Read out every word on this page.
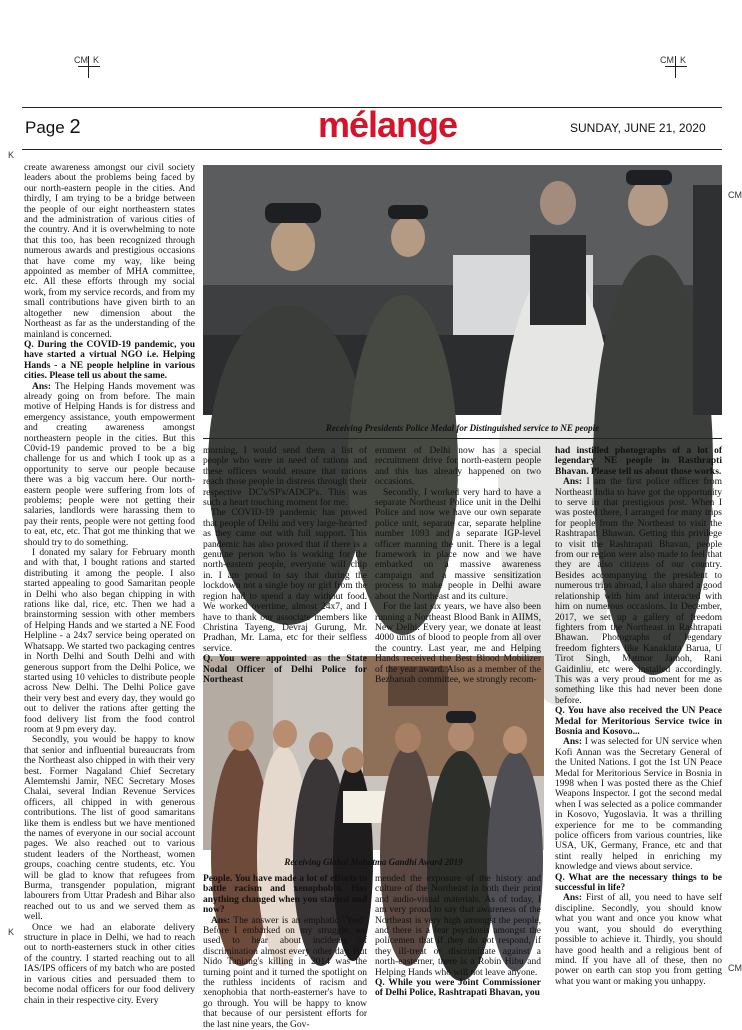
CM K	CM K
K
K
CM
CM
Page 2	mélange	SUNDAY, JUNE 21, 2020
Receiving Presidents Police Medal for Distinguished service to NE people
Receiving Global Mahatma Gandhi Award 2019

create awareness amongst our civil society leaders about the problems being faced by our north-eastern people in the cities. And thirdly, I am trying to be a bridge between the people of our eight northeastern states and the administration of various cities of the country. And it is overwhelming to note that this too, has been recognized through numerous awards and prestigious occasions that have come my way, like being appointed as member of MHA committee, etc. All these efforts through my social work, from my service records, and from my small contributions have given birth to an altogether new dimension about the Northeast as far as the understanding of the mainland is concerned.

Q. During the COVID-19 pandemic, you have started a virtual NGO i.e. Helping Hands - a NE people helpline in various cities. Please tell us about the same.

Ans: The Helping Hands movement was already going on from before. The main motive of Helping Hands is for distress and emergency assistance, youth empowerment and creating awareness amongst northeastern people in the cities. But this C0vid-19 pandemic proved to be a big challenge for us and which I took up as a opportunity to serve our people because there was a big vaccum here. Our north-eastern people were suffering from lots of problems; people were not getting their salaries, landlords were harassing them to pay their rents, people were not getting food to eat, etc, etc. That got me thinking that we should try to do something.

I donated my salary for February month and with that, I bought rations and started distributing it among the people. I also started appealing to good Samaritan people in Delhi who also began chipping in with rations like dal, rice, etc. Then we had a brainstorming session with other members of Helping Hands and we started a NE Food Helpline - a 24x7 service being operated on Whatsapp. We started two packaging centres in North Delhi and South Delhi and with generous support from the Delhi Police, we started using 10 vehicles to distribute people across New Delhi. The Delhi Police gave their very best and every day, they would go out to deliver the rations after getting the food delivery list from the food control room at 9 pm every day.

Secondly, you would be happy to know that senior and influential bureaucrats from the Northeast also chipped in with their very best. Former Nagaland Chief Secretary Alemtemshi Jamir, NEC Secretary Moses Chalai, several Indian Revenue Services officers, all chipped in with generous contributions. The list of good samaritans like them is endless but we have mentioned the names of everyone in our social account pages. We also reached out to various student leaders of the Northeast, women groups, coaching centre students, etc. You will be glad to know that refugees from Burma, transgender population, migrant labourers from Uttar Pradesh and Bihar also reached out to us and we served them as well.

Once we had an elaborate delivery structure in place in Delhi, we had to reach out to north-easterners stuck in other cities of the country. I started reaching out to all IAS/IPS officers of my batch who are posted in various cities and persuaded them to become nodal officers for our food delivery chain in their respective city. Every

morning, I would send them a list of people who were in need of rations and these officers would ensure that rations reach those people in distress through their respective DC's/SP's/ADCP's. This was such a heart touching moment for me.

The COVID-19 pandemic has proved that people of Delhi and very large-hearted as they came out with full support. This pandemic has also proved that if there is a genuine person who is working for the north-eastern people, everyone will chip in. I am proud to say that during the lockdown not a single boy or girl from the region had to spend a day without food. We worked overtime, almost 24x7, and I have to thank our associate members like Christina Tayeng, Devraj Gurung, Mr. Pradhan, Mr. Lama, etc for their selfless service.

Q. You were appointed as the State Nodal Officer of Delhi Police for Northeast

People. You have made a lot of efforts to battle racism and xenophobia. Has anything changed when you started and now?

Ans: The answer is an emphatic "Yes!" Before I embarked on my struggle, we used to hear about incidents of discrimination almost every other day. But Nido Taniang's killing in 2014 was the turning point and it turned the spotlight on the ruthless incidents of racism and xenophobia that north-easterner's have to go through. You will be happy to know that because of our persistent efforts for the last nine years, the Gov-

ernment of Delhi now has a special recruitment drive for north-eastern people and this has already happened on two occasions.

Secondly, I worked very hard to have a separate Northeast Police unit in the Delhi Police and now we have our own separate police unit, separate car, separate helpline number 1093 and a separate IGP-level officer manning the unit. There is a legal framework in place now and we have embarked on a massive awareness campaign and a massive sensitization process to make people in Delhi aware about the Northeast and its culture.

For the last six years, we have also been running a Northeast Blood Bank in AIIMS, New Delhi. Every year, we donate at least 4000 units of blood to people from all over the country. Last year, me and Helping Hands received the Best Blood Mobilizer of the year award. Also as a member of the Bezbaruah committee, we strongly recom-

mended the exposure of the history and culture of the Northeast in both their print and audio-visual materials. As of today, I am very proud to say that awareness of the Northeast is very high amongst the people, and there is a fear psychosis amongst the policemen that if they do not respond, if they ill-treat or discriminate against a north-easterner, there is a Robin Hibu and Helping Hands who will not leave anyone.

Q. While you were Joint Commissioner of Delhi Police, Rashtrapati Bhavan, you

had instilled photographs of a lot of legendary NE people in Rasthrapti Bhavan. Please tell us about those works.

Ans: I am the first police officer from Northeast India to have got the opportunity to serve in that prestigious post. When I was posted there, I arranged for many trips for people from the Northeast to visit the Rashtrapati Bhawan. Getting this privilege to visit the Rashtrapati Bhavan, people from our region were also made to feel that they are also citizens of our country. Besides accompanying the president to numerous trips abroad, I also shared a good relationship with him and interacted with him on numerous occasions. In December, 2017, we set up a gallery of freedom fighters from the Northeast in Rashtrapati Bhawan. Photographs of legendary freedom fighters like Kanaklata Barua, U Tirot Singh, Matmor Jamoh, Rani Gaidinliu, etc were installed accordingly. This was a very proud moment for me as something like this had never been done before.

Q. You have also received the UN Peace Medal for Meritorious Service twice in Bosnia and Kosovo...

Ans: I was selected for UN service when Kofi Annan was the Secretary General of the United Nations. I got the 1st UN Peace Medal for Meritorious Service in Bosnia in 1998 when I was posted there as the Chief Weapons Inspector. I got the second medal when I was selected as a police commander in Kosovo, Yugoslavia. It was a thrilling experience for me to be commanding police officers from various countries, like USA, UK, Germany, France, etc and that stint really helped in enriching my knowledge and views about service.

Q. What are the necessary things to be successful in life?

Ans: First of all, you need to have self discipline. Secondly, you should know what you want and once you know what you want, you should do everything possible to achieve it. Thirdly, you should have good health and a religious bent of mind. If you have all of these, then no power on earth can stop you from getting what you want or making you unhappy.
